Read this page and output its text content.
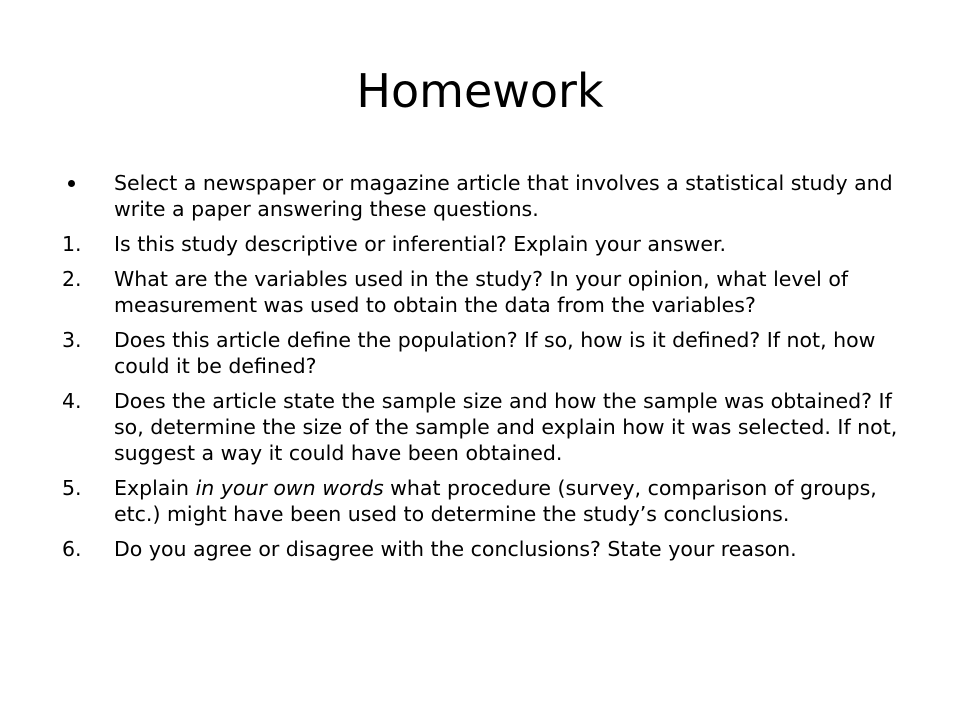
Homework
Select a newspaper or magazine article that involves a statistical study and write a paper answering these questions.
1.	Is this study descriptive or inferential? Explain your answer.
2.	What are the variables used in the study? In your opinion, what level of measurement was used to obtain the data from the variables?
3.	Does this article define the population? If so, how is it defined? If not, how could it be defined?
4.	Does the article state the sample size and how the sample was obtained? If so, determine the size of the sample and explain how it was selected. If not, suggest a way it could have been obtained.
5.	Explain in your own words what procedure (survey, comparison of groups, etc.) might have been used to determine the study’s conclusions.
6.	Do you agree or disagree with the conclusions? State your reason.
